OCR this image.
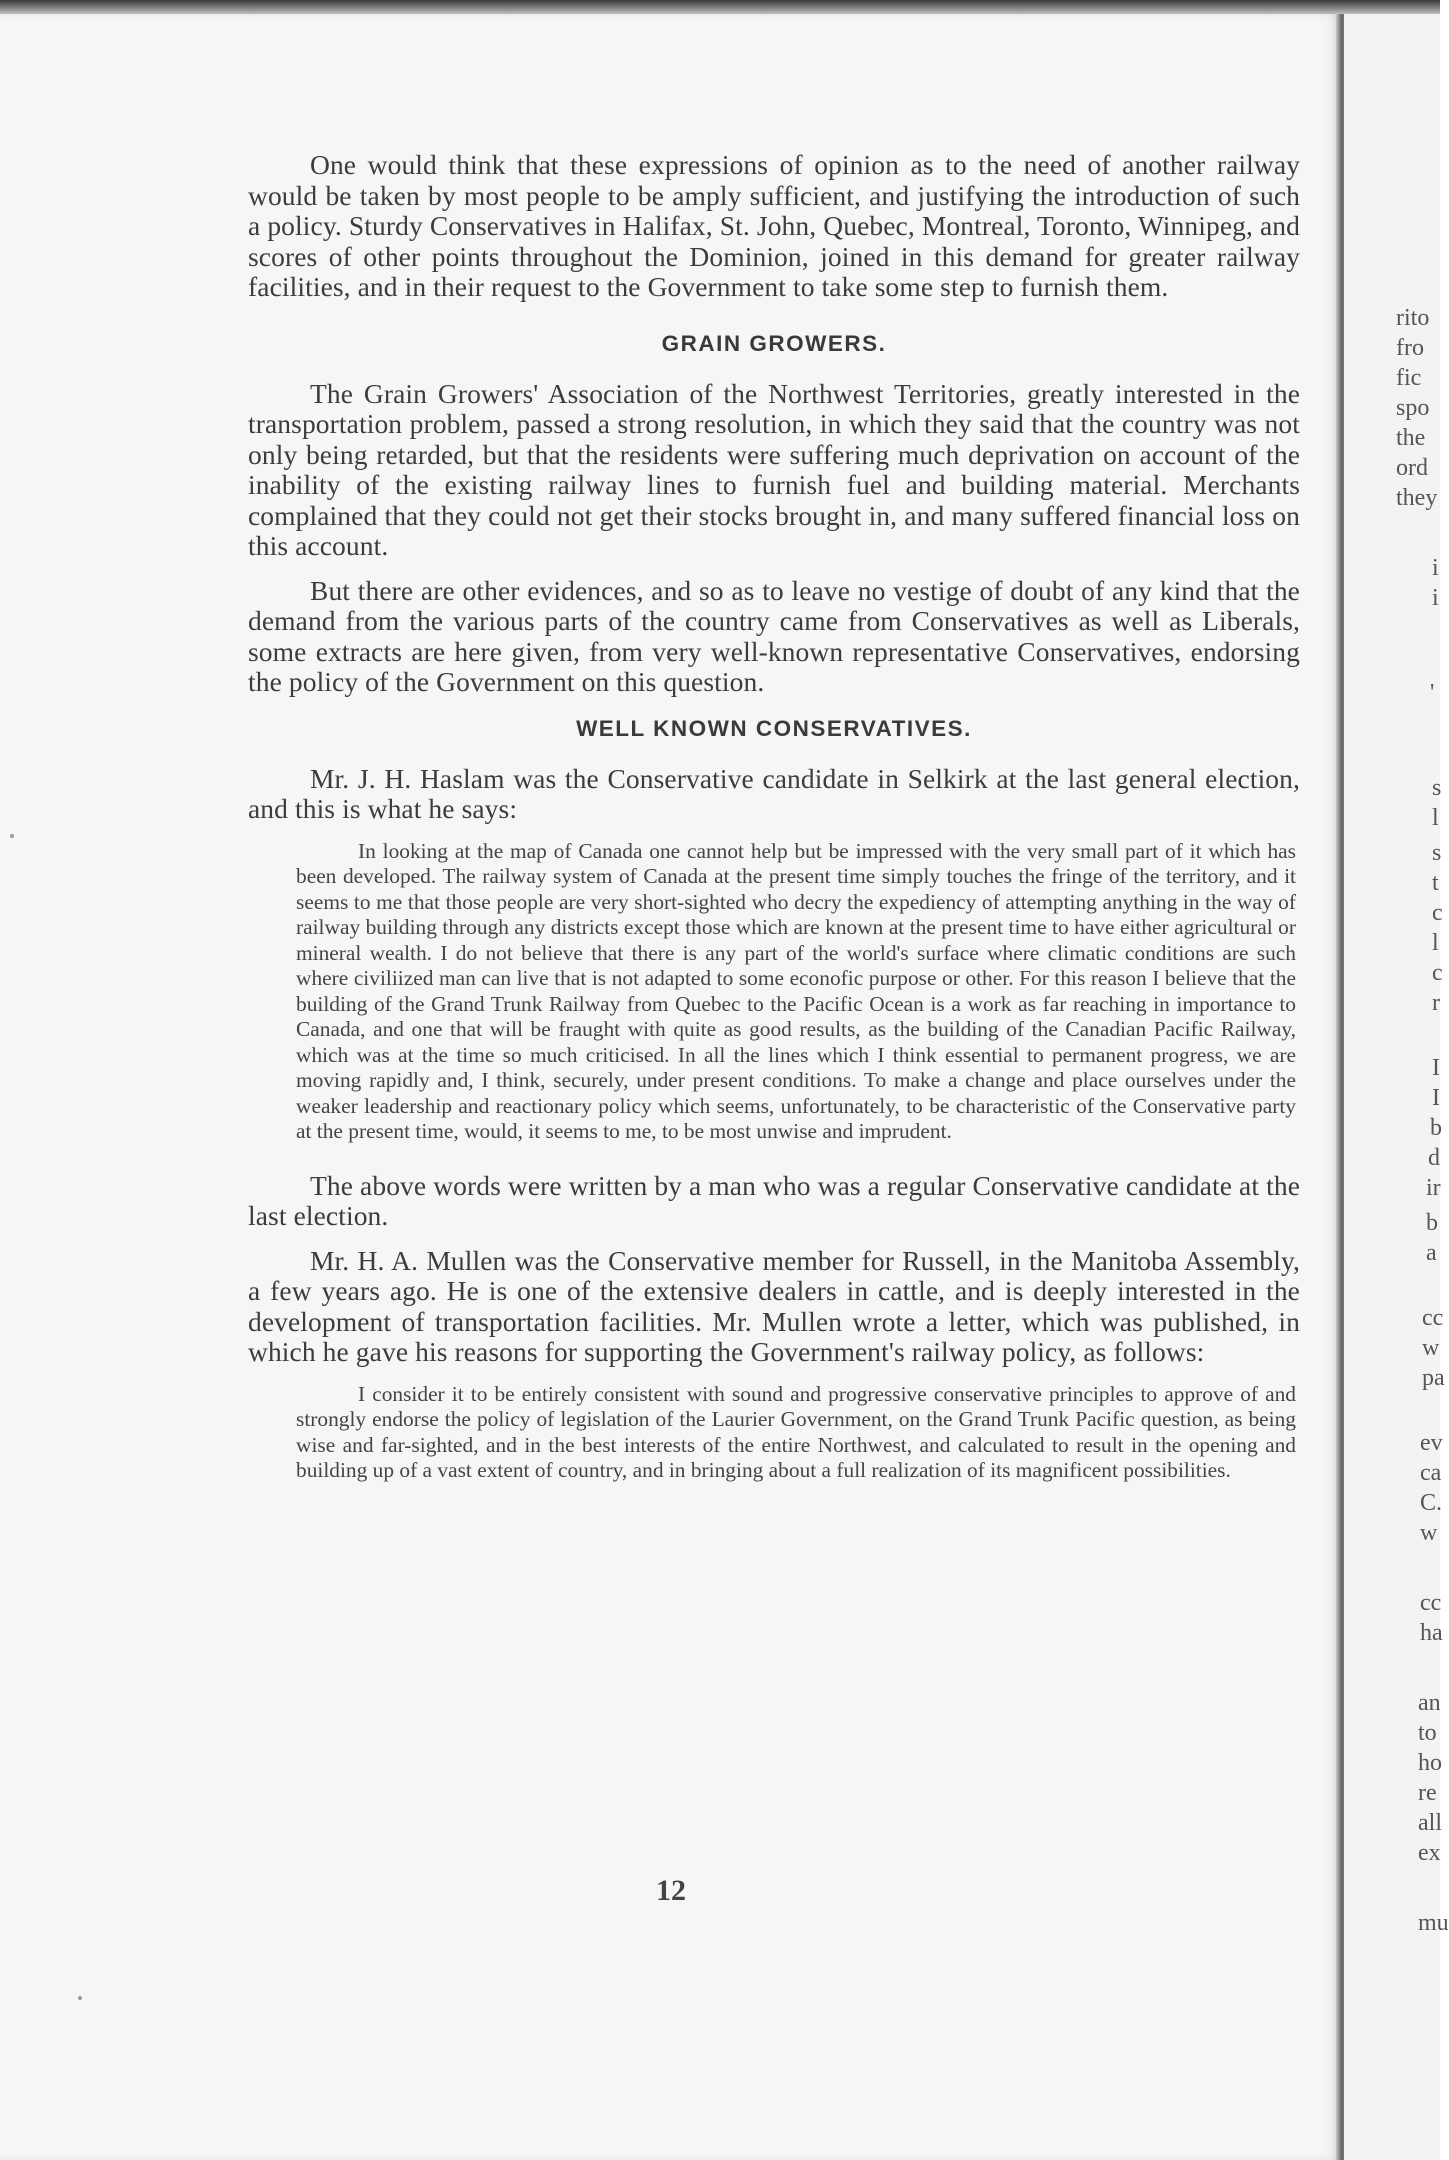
One would think that these expressions of opinion as to the need of another railway would be taken by most people to be amply sufficient, and justifying the introduction of such a policy. Sturdy Conservatives in Halifax, St. John, Quebec, Montreal, Toronto, Winnipeg, and scores of other points throughout the Dominion, joined in this demand for greater railway facilities, and in their request to the Government to take some step to furnish them.

GRAIN GROWERS.

The Grain Growers' Association of the Northwest Territories, greatly interested in the transportation problem, passed a strong resolution, in which they said that the country was not only being retarded, but that the residents were suffering much deprivation on account of the inability of the existing railway lines to furnish fuel and building material. Merchants complained that they could not get their stocks brought in, and many suffered financial loss on this account.

But there are other evidences, and so as to leave no vestige of doubt of any kind that the demand from the various parts of the country came from Conservatives as well as Liberals, some extracts are here given, from very well-known representative Conservatives, endorsing the policy of the Government on this question.

WELL KNOWN CONSERVATIVES.

Mr. J. H. Haslam was the Conservative candidate in Selkirk at the last general election, and this is what he says:

In looking at the map of Canada one cannot help but be impressed with the very small part of it which has been developed. The railway system of Canada at the present time simply touches the fringe of the territory, and it seems to me that those people are very short-sighted who decry the expediency of attempting anything in the way of railway building through any districts except those which are known at the present time to have either agricultural or mineral wealth. I do not believe that there is any part of the world's surface where climatic conditions are such where civiliized man can live that is not adapted to some econofic purpose or other. For this reason I believe that the building of the Grand Trunk Railway from Quebec to the Pacific Ocean is a work as far reaching in importance to Canada, and one that will be fraught with quite as good results, as the building of the Canadian Pacific Railway, which was at the time so much criticised. In all the lines which I think essential to permanent progress, we are moving rapidly and, I think, securely, under present conditions. To make a change and place ourselves under the weaker leadership and reactionary policy which seems, unfortunately, to be characteristic of the Conservative party at the present time, would, it seems to me, to be most unwise and imprudent.

The above words were written by a man who was a regular Conservative candidate at the last election.

Mr. H. A. Mullen was the Conservative member for Russell, in the Manitoba Assembly, a few years ago. He is one of the extensive dealers in cattle, and is deeply interested in the development of transportation facilities. Mr. Mullen wrote a letter, which was published, in which he gave his reasons for supporting the Government's railway policy, as follows:

I consider it to be entirely consistent with sound and progressive conservative principles to approve of and strongly endorse the policy of legislation of the Laurier Government, on the Grand Trunk Pacific question, as being wise and far-sighted, and in the best interests of the entire Northwest, and calculated to result in the opening and building up of a vast extent of country, and in bringing about a full realization of its magnificent possibilities.

12
rito
fro
fic
spo
the
ord
they
i
i
'
s
l
s
t
c
l
c
r
I
I
b
d
ir
b
a
cc
w
pa
ev
ca
C.
w
cc
ha
an
to
ho
re
all
ex
mu
